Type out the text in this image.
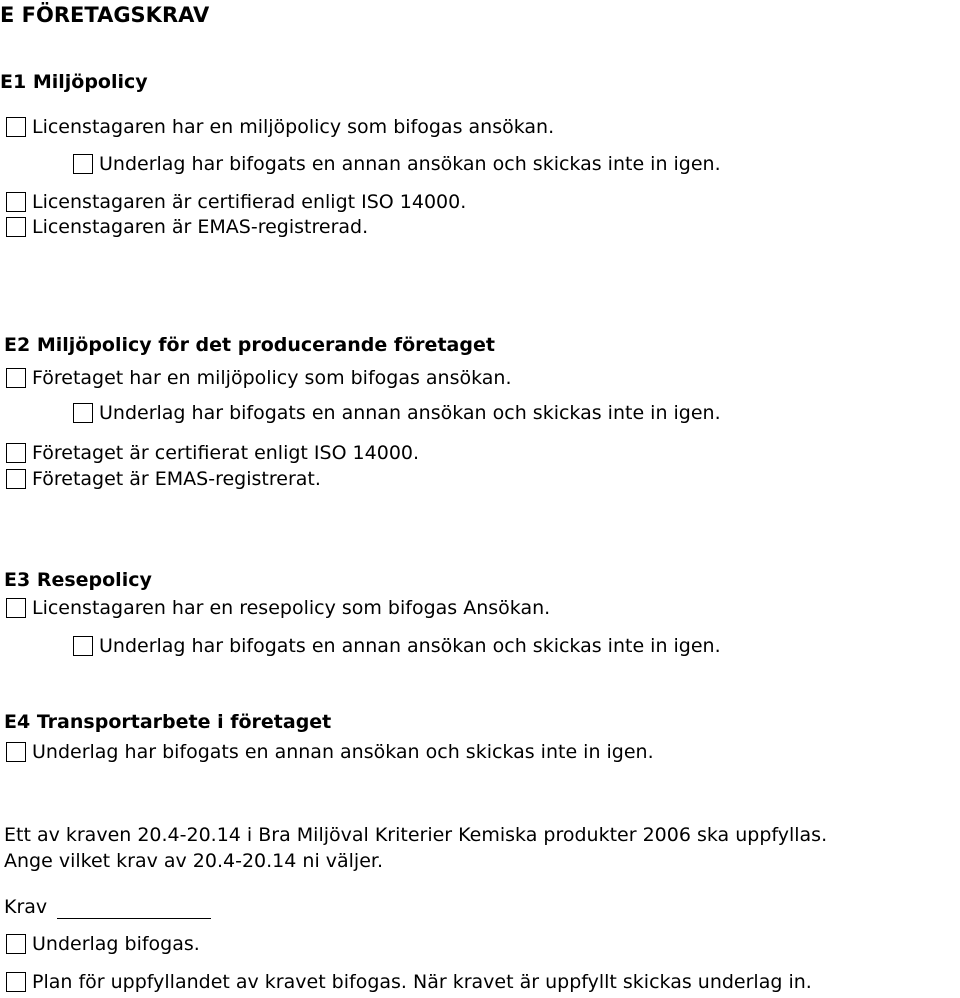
E FÖRETAGSKRAV
E1 Miljöpolicy
Licenstagaren har en miljöpolicy som bifogas ansökan.
Underlag har bifogats en annan ansökan och skickas inte in igen.
Licenstagaren är certifierad enligt ISO 14000.
Licenstagaren är EMAS-registrerad.
E2 Miljöpolicy för det producerande företaget
Företaget har en miljöpolicy som bifogas ansökan.
Underlag har bifogats en annan ansökan och skickas inte in igen.
Företaget är certifierat enligt ISO 14000.
Företaget är EMAS-registrerat.
E3 Resepolicy
Licenstagaren har en resepolicy som bifogas Ansökan.
Underlag har bifogats en annan ansökan och skickas inte in igen.
E4 Transportarbete i företaget
Underlag har bifogats en annan ansökan och skickas inte in igen.
Ett av kraven 20.4-20.14 i Bra Miljöval Kriterier Kemiska produkter 2006 ska uppfyllas.
Ange vilket krav av 20.4-20.14 ni väljer.
Krav
Underlag bifogas.
Plan för uppfyllandet av kravet bifogas. När kravet är uppfyllt skickas underlag in.
